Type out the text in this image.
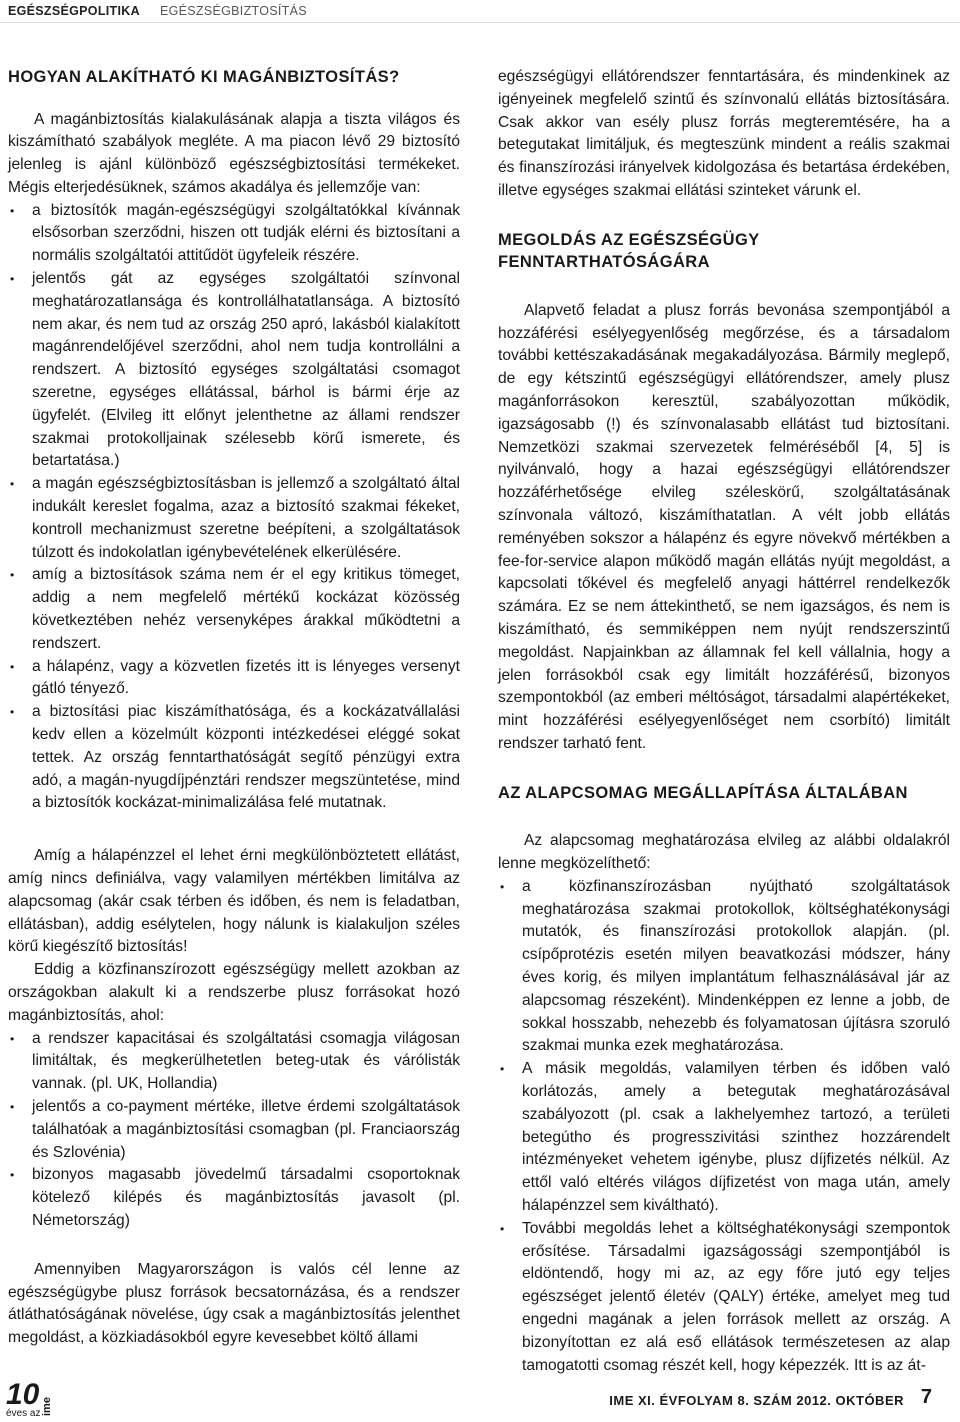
EGÉSZSÉGPOLITIKA EGÉSZSÉGBIZTOSÍTÁS
HOGYAN ALAKÍTHATÓ KI MAGÁNBIZTOSÍTÁS?

A magánbiztosítás kialakulásának alapja a tiszta világos és kiszámítható szabályok megléte. A ma piacon lévő 29 biztosító jelenleg is ajánl különböző egészségbiztosítási termékeket. Mégis elterjedésüknek, számos akadálya és jellemzője van:

• a biztosítók magán-egészségügyi szolgáltatókkal kívánnak elsősorban szerződni, hiszen ott tudják elérni és biztosítani a normális szolgáltatói attitűdöt ügyfeleik részére.
• jelentős gát az egységes szolgáltatói színvonal meghatározatlansága és kontrollálhatatlansága. A biztosító nem akar, és nem tud az ország 250 apró, lakásból kialakított magánrendelőjével szerződni, ahol nem tudja kontrollálni a rendszert. A biztosító egységes szolgáltatási csomagot szeretne, egységes ellátással, bárhol is bármi érje az ügyfelét. (Elvileg itt előnyt jelenthetne az állami rendszer szakmai protokolljainak szélesebb körű ismerete, és betartatása.)
• a magán egészségbiztosításban is jellemző a szolgáltató által indukált kereslet fogalma, azaz a biztosító szakmai fékeket, kontroll mechanizmust szeretne beépíteni, a szolgáltatások túlzott és indokolatlan igénybevételének elkerülésére.
• amíg a biztosítások száma nem ér el egy kritikus tömeget, addig a nem megfelelő mértékű kockázat közösség következtében nehéz versenyképes árakkal működtetni a rendszert.
• a hálapénz, vagy a közvetlen fizetés itt is lényeges versenyt gátló tényező.
• a biztosítási piac kiszámíthatósága, és a kockázatvállalási kedv ellen a közelmúlt központi intézkedései eléggé sokat tettek. Az ország fenntarthatóságát segítő pénzügyi extra adó, a magán-nyugdíjpénztári rendszer megszüntetése, mind a biztosítók kockázat-minimalizálása felé mutatnak.

Amíg a hálapénzzel el lehet érni megkülönböztetett ellátást, amíg nincs definiálva, vagy valamilyen mértékben limitálva az alapcsomag (akár csak térben és időben, és nem is feladatban, ellátásban), addig esélytelen, hogy nálunk is kialakuljon széles körű kiegészítő biztosítás!

Eddig a közfinanszírozott egészségügy mellett azokban az országokban alakult ki a rendszerbe plusz forrásokat hozó magánbiztosítás, ahol:

• a rendszer kapacitásai és szolgáltatási csomagja világosan limitáltak, és megkerülhetetlen beteg-utak és várólisták vannak. (pl. UK, Hollandia)
• jelentős a co-payment mértéke, illetve érdemi szolgáltatások találhatóak a magánbiztosítási csomagban (pl. Franciaország és Szlovénia)
• bizonyos magasabb jövedelmű társadalmi csoportoknak kötelező kilépés és magánbiztosítás javasolt (pl. Németország)

Amennyiben Magyarországon is valós cél lenne az egészségügybe plusz források becsatornázása, és a rendszer átláthatóságának növelése, úgy csak a magánbiztosítás jelenthet megoldást, a közkiadásokból egyre kevesebbet költő állami

egészségügyi ellátórendszer fenntartására, és mindenkinek az igényeinek megfelelő szintű és színvonalú ellátás biztosítására. Csak akkor van esély plusz forrás megteremtésére, ha a betegutakat limitáljuk, és megteszünk mindent a reális szakmai és finanszírozási irányelvek kidolgozása és betartása érdekében, illetve egységes szakmai ellátási szinteket várunk el.

MEGOLDÁS AZ EGÉSZSÉGÜGY FENNTARTHATÓSÁGÁRA

Alapvető feladat a plusz forrás bevonása szempontjából a hozzáférési esélyegyenlőség megőrzése, és a társadalom további kettészakadásának megakadályozása. Bármily meglepő, de egy kétszintű egészségügyi ellátórendszer, amely plusz magánforrásokon keresztül, szabályozottan működik, igazságosabb (!) és színvonalasabb ellátást tud biztosítani. Nemzetközi szakmai szervezetek felméréséből [4, 5] is nyilvánvaló, hogy a hazai egészségügyi ellátórendszer hozzáférhetősége elvileg széleskörű, szolgáltatásának színvonala változó, kiszámíthatatlan. A vélt jobb ellátás reményében sokszor a hálapénz és egyre növekvő mértékben a fee-for-service alapon működő magán ellátás nyújt megoldást, a kapcsolati tőkével és megfelelő anyagi háttérrel rendelkezők számára. Ez se nem áttekinthető, se nem igazságos, és nem is kiszámítható, és semmiképpen nem nyújt rendszerszintű megoldást. Napjainkban az államnak fel kell vállalnia, hogy a jelen forrásokból csak egy limitált hozzáférésű, bizonyos szempontokból (az emberi méltóságot, társadalmi alapértékeket, mint hozzáférési esélyegyenlőséget nem csorbító) limitált rendszer tarható fent.

AZ ALAPCSOMAG MEGÁLLAPÍTÁSA ÁLTALÁBAN

Az alapcsomag meghatározása elvileg az alábbi oldalakról lenne megközelíthető:

• a közfinanszírozásban nyújtható szolgáltatások meghatározása szakmai protokollok, költséghatékonysági mutatók, és finanszírozási protokollok alapján. (pl. csípőprotézis esetén milyen beavatkozási módszer, hány éves korig, és milyen implantátum felhasználásával jár az alapcsomag részeként). Mindenképpen ez lenne a jobb, de sokkal hosszabb, nehezebb és folyamatosan újításra szoruló szakmai munka ezek meghatározása.
• A másik megoldás, valamilyen térben és időben való korlátozás, amely a betegutak meghatározásával szabályozott (pl. csak a lakhelyemhez tartozó, a területi betegútho és progresszivitási szinthez hozzárendelt intézményeket vehetem igénybe, plusz díjfizetés nélkül. Az ettől való eltérés világos díjfizetést von maga után, amely hálapénzzel sem kiváltható).
• További megoldás lehet a költséghatékonysági szempontok erősítése. Társadalmi igazságossági szempontjából is eldöntendő, hogy mi az, az egy főre jutó egy teljes egészséget jelentő életév (QALY) értéke, amelyet meg tud engedni magának a jelen források mellett az ország. A bizonyítottan ez alá eső ellátások természetesen az alap tamogatotti csomag részét kell, hogy képezzék. Itt is az át-
10
éves az ime	IME XI. ÉVFOLYAM 8. SZÁM 2012. OKTÓBER 7
